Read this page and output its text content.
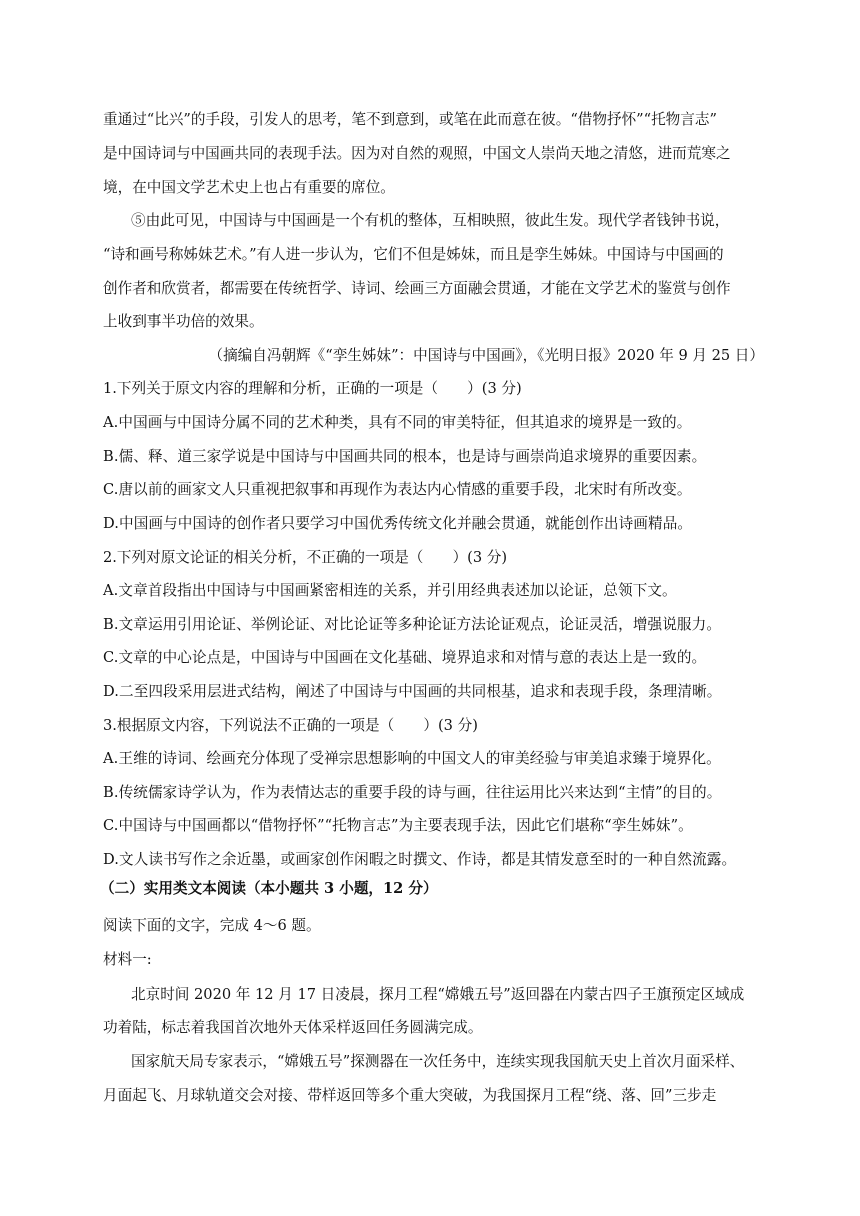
重通过“比兴”的手段，引发人的思考，笔不到意到，或笔在此而意在彼。“借物抒怀”“托物言志”
是中国诗词与中国画共同的表现手法。因为对自然的观照，中国文人崇尚天地之清悠，进而荒寒之
境，在中国文学艺术史上也占有重要的席位。
⑤由此可见，中国诗与中国画是一个有机的整体，互相映照，彼此生发。现代学者钱钟书说，
“诗和画号称姊妹艺术。”有人进一步认为，它们不但是姊妹，而且是孪生姊妹。中国诗与中国画的
创作者和欣赏者，都需要在传统哲学、诗词、绘画三方面融会贯通，才能在文学艺术的鉴赏与创作
上收到事半功倍的效果。
（摘编自冯朝辉《“孪生姊妹”：中国诗与中国画》，《光明日报》2020 年 9 月 25 日）
1.下列关于原文内容的理解和分析，正确的一项是（　　）(3 分)
A.中国画与中国诗分属不同的艺术种类，具有不同的审美特征，但其追求的境界是一致的。
B.儒、释、道三家学说是中国诗与中国画共同的根本，也是诗与画崇尚追求境界的重要因素。
C.唐以前的画家文人只重视把叙事和再现作为表达内心情感的重要手段，北宋时有所改变。
D.中国画与中国诗的创作者只要学习中国优秀传统文化并融会贯通，就能创作出诗画精品。
2.下列对原文论证的相关分析，不正确的一项是（　　）(3 分)
A.文章首段指出中国诗与中国画紧密相连的关系，并引用经典表述加以论证，总领下文。
B.文章运用引用论证、举例论证、对比论证等多种论证方法论证观点，论证灵活，增强说服力。
C.文章的中心论点是，中国诗与中国画在文化基础、境界追求和对情与意的表达上是一致的。
D.二至四段采用层进式结构，阐述了中国诗与中国画的共同根基，追求和表现手段，条理清晰。
3.根据原文内容，下列说法不正确的一项是（　　）(3 分)
A.王维的诗词、绘画充分体现了受禅宗思想影响的中国文人的审美经验与审美追求臻于境界化。
B.传统儒家诗学认为，作为表情达志的重要手段的诗与画，往往运用比兴来达到“主情”的目的。
C.中国诗与中国画都以“借物抒怀”“托物言志”为主要表现手法，因此它们堪称“孪生姊妹”。
D.文人读书写作之余近墨，或画家创作闲暇之时撰文、作诗，都是其情发意至时的一种自然流露。
（二）实用类文本阅读（本小题共 3 小题，12 分）
阅读下面的文字，完成 4～6 题。
材料一:
北京时间 2020 年 12 月 17 日凌晨，探月工程“嫦娥五号”返回器在内蒙古四子王旗预定区域成
功着陆，标志着我国首次地外天体采样返回任务圆满完成。
国家航天局专家表示，“嫦娥五号”探测器在一次任务中，连续实现我国航天史上首次月面采样、
月面起飞、月球轨道交会对接、带样返回等多个重大突破，为我国探月工程“绕、落、回”三步走
